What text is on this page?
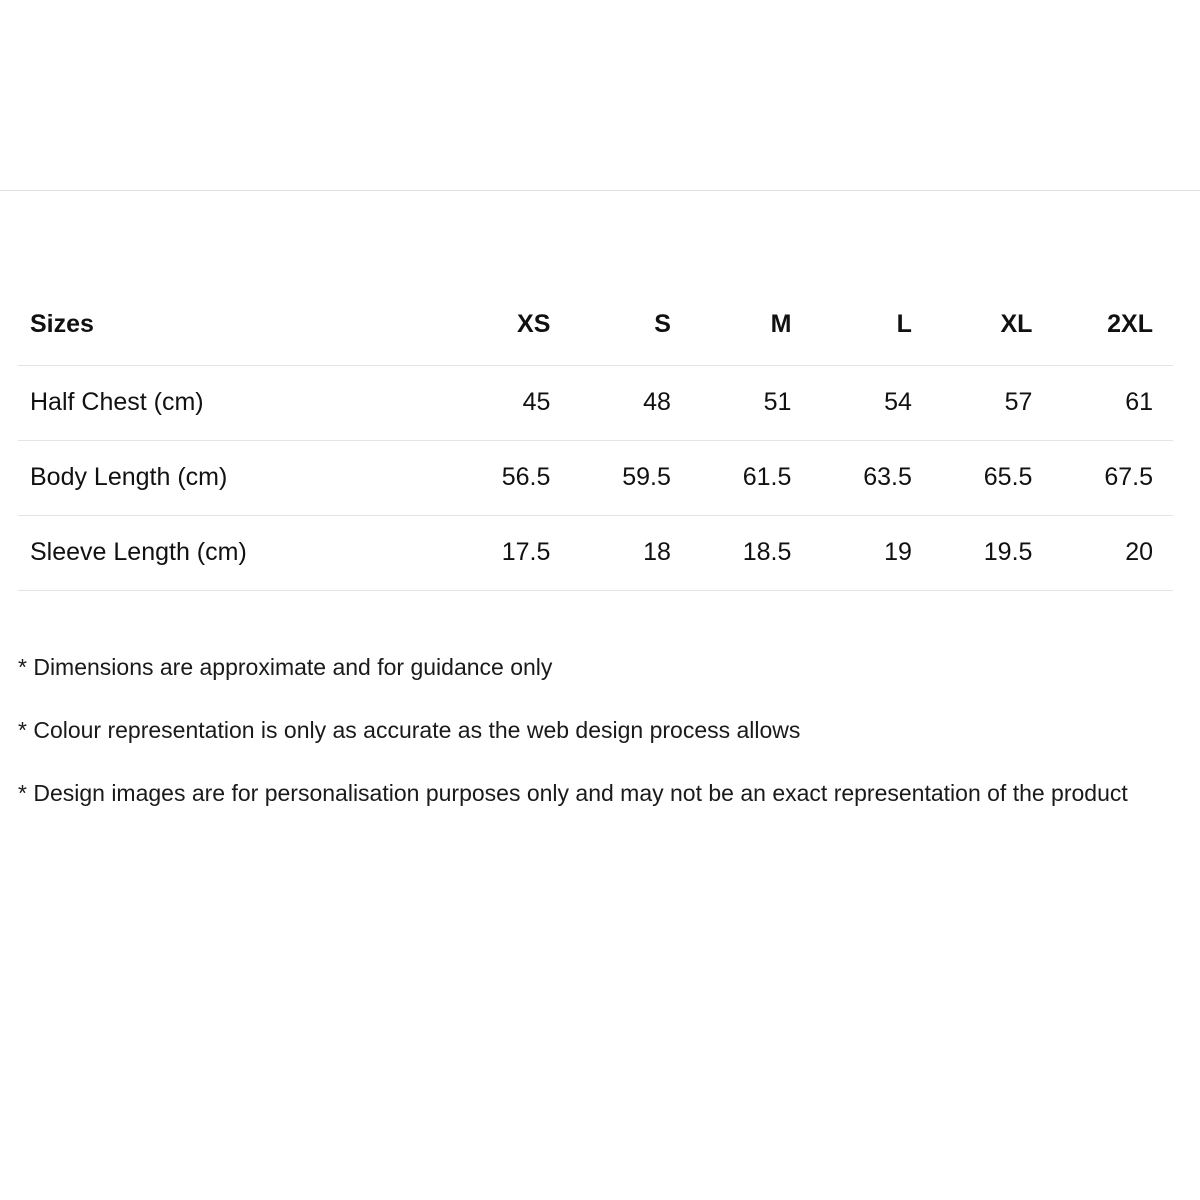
Sizes	XS	S	M	L	XL	2XL
Half Chest (cm)	45	48	51	54	57	61
Body Length (cm)	56.5	59.5	61.5	63.5	65.5	67.5
Sleeve Length (cm)	17.5	18	18.5	19	19.5	20

* Dimensions are approximate and for guidance only

* Colour representation is only as accurate as the web design process allows

* Design images are for personalisation purposes only and may not be an exact representation of the product
